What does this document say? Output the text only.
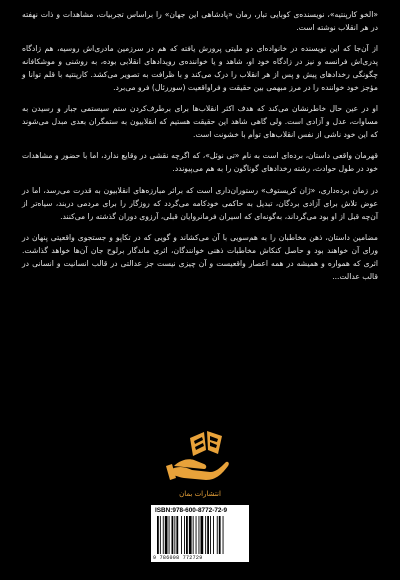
«الخو کارپنتیه»، نویسنده‌ی کوبایی تبار، رمان «پادشاهی این جهان» را براساس تجربیات، مشاهدات و ذات نهفته در هر انقلاب نوشته است.

از آن‌جا که این نویسنده در خانواده‌ای دو ملیتی پرورش یافته که هم در سرزمین مادری‌اش روسیه، هم زادگاه پدری‌اش فرانسه و نیز در زادگاه خود او، شاهد و یا خواننده‌ی رویدادهای انقلابی بوده، به روشنی و موشکافانه چگونگی رخدادهای پیش و پس از هر انقلاب را درک می‌کند و با ظرافت به تصویر می‌کشد. کارپنتیه با قلم توانا و مؤجز خود خواننده را در مرز مبهمی بین حقیقت و فراواقعیت (سوررئال) فرو می‌برد.

او در عین حال خاطرنشان می‌کند که هدف اکثر انقلاب‌ها برای برطرف‌کردن ستم سیستمی جبار و رسیدن به مساوات، عدل و آزادی است. ولی گاهی شاهد این حقیقت هستیم که انقلابیون به ستمگران بعدی مبدل می‌شوند که این خود ناشی از نفس انقلاب‌های توأم با خشونت است.

قهرمان واقعی داستان، برده‌ای است به نام «تی نوئل»، که اگرچه نقشی در وقایع ندارد، اما با حضور و مشاهدات خود در طول حوادث، رشته رخدادهای گوناگون را به هم می‌پیوندد.

در زمان برده‌داری، «ژان کریستوف» رستوران‌داری است که براثر مبارزه‌های انقلابیون به قدرت می‌رسد، اما در عوض تلاش برای آزادی بردگان، تبدیل به حاکمی خودکامه می‌گردد که روزگار را برای مردمی دربند، سیاه‌تر از آن‌چه قبل از او بود می‌گرداند، به‌گونه‌ای که اسیران فرمانروایان قبلی، آرزوی دوران گذشته را می‌کنند.

مضامین داستان، ذهن مخاطبان را به هم‌سویی با آن می‌کشاند و گویی که در تکاپو و جستجوی واقعیتی پنهان در ورای آن خواهند بود و حاصل کنکاش مخاطبات ذهنی خوانندگان، اثری ماندگار برلوح جان آن‌ها خواهد گذاشت. اثری که همواره و همیشه در همه اعصار واقعیست و آن چیزی نیست جز عدالتی در قالب انسانیت و انسانی در قالب عدالت...

انتشارات بمان
ISBN:978-600-8772-72-9
9 786008 772729
